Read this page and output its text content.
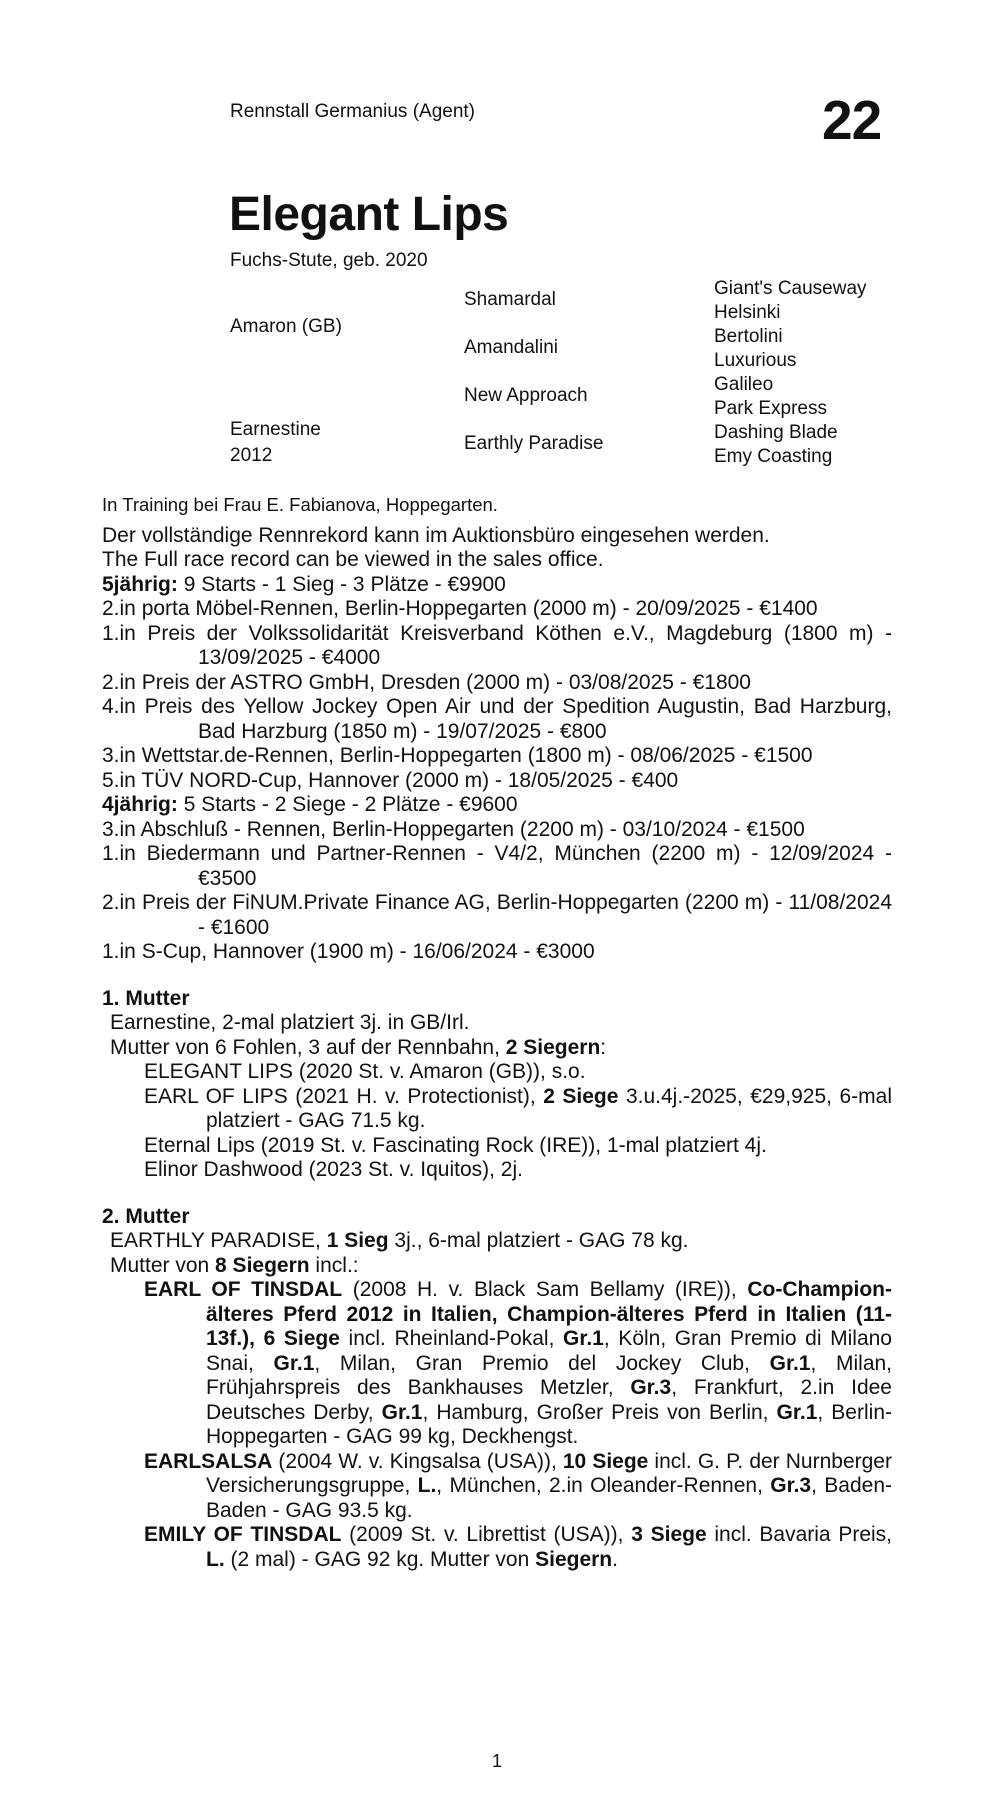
Rennstall Germanius (Agent)	22
Elegant Lips
Fuchs-Stute, geb. 2020
Amaron (GB)
Earnestine
2012
Shamardal
Amandalini
New Approach
Earthly Paradise
Giant's Causeway
Helsinki
Bertolini
Luxurious
Galileo
Park Express
Dashing Blade
Emy Coasting
In Training bei Frau E. Fabianova, Hoppegarten.
Der vollständige Rennrekord kann im Auktionsbüro eingesehen werden.
The Full race record can be viewed in the sales office.
5jährig: 9 Starts - 1 Sieg - 3 Plätze - €9900
2.in porta Möbel-Rennen, Berlin-Hoppegarten (2000 m) - 20/09/2025 - €1400
1.in Preis der Volkssolidarität Kreisverband Köthen e.V., Magdeburg (1800 m) - 13/09/2025 - €4000
2.in Preis der ASTRO GmbH, Dresden (2000 m) - 03/08/2025 - €1800
4.in Preis des Yellow Jockey Open Air und der Spedition Augustin, Bad Harzburg, Bad Harzburg (1850 m) - 19/07/2025 - €800
3.in Wettstar.de-Rennen, Berlin-Hoppegarten (1800 m) - 08/06/2025 - €1500
5.in TÜV NORD-Cup, Hannover (2000 m) - 18/05/2025 - €400
4jährig: 5 Starts - 2 Siege - 2 Plätze - €9600
3.in Abschluß - Rennen, Berlin-Hoppegarten (2200 m) - 03/10/2024 - €1500
1.in Biedermann und Partner-Rennen - V4/2, München (2200 m) - 12/09/2024 - €3500
2.in Preis der FiNUM.Private Finance AG, Berlin-Hoppegarten (2200 m) - 11/08/2024 - €1600
1.in S-Cup, Hannover (1900 m) - 16/06/2024 - €3000
1. Mutter
Earnestine, 2-mal platziert 3j. in GB/Irl.
Mutter von 6 Fohlen, 3 auf der Rennbahn, 2 Siegern:
ELEGANT LIPS (2020 St. v. Amaron (GB)), s.o.
EARL OF LIPS (2021 H. v. Protectionist), 2 Siege 3.u.4j.-2025, €29,925, 6-mal platziert - GAG 71.5 kg.
Eternal Lips (2019 St. v. Fascinating Rock (IRE)), 1-mal platziert 4j.
Elinor Dashwood (2023 St. v. Iquitos), 2j.
2. Mutter
EARTHLY PARADISE, 1 Sieg 3j., 6-mal platziert - GAG 78 kg.
Mutter von 8 Siegern incl.:
EARL OF TINSDAL (2008 H. v. Black Sam Bellamy (IRE)), Co-Champion-älteres Pferd 2012 in Italien, Champion-älteres Pferd in Italien (11-13f.), 6 Siege incl. Rheinland-Pokal, Gr.1, Köln, Gran Premio di Milano Snai, Gr.1, Milan, Gran Premio del Jockey Club, Gr.1, Milan, Frühjahrspreis des Bankhauses Metzler, Gr.3, Frankfurt, 2.in Idee Deutsches Derby, Gr.1, Hamburg, Großer Preis von Berlin, Gr.1, Berlin-Hoppegarten - GAG 99 kg, Deckhengst.
EARLSALSA (2004 W. v. Kingsalsa (USA)), 10 Siege incl. G. P. der Nurnberger Versicherungsgruppe, L., München, 2.in Oleander-Rennen, Gr.3, Baden-Baden - GAG 93.5 kg.
EMILY OF TINSDAL (2009 St. v. Librettist (USA)), 3 Siege incl. Bavaria Preis, L. (2 mal) - GAG 92 kg. Mutter von Siegern.
1
